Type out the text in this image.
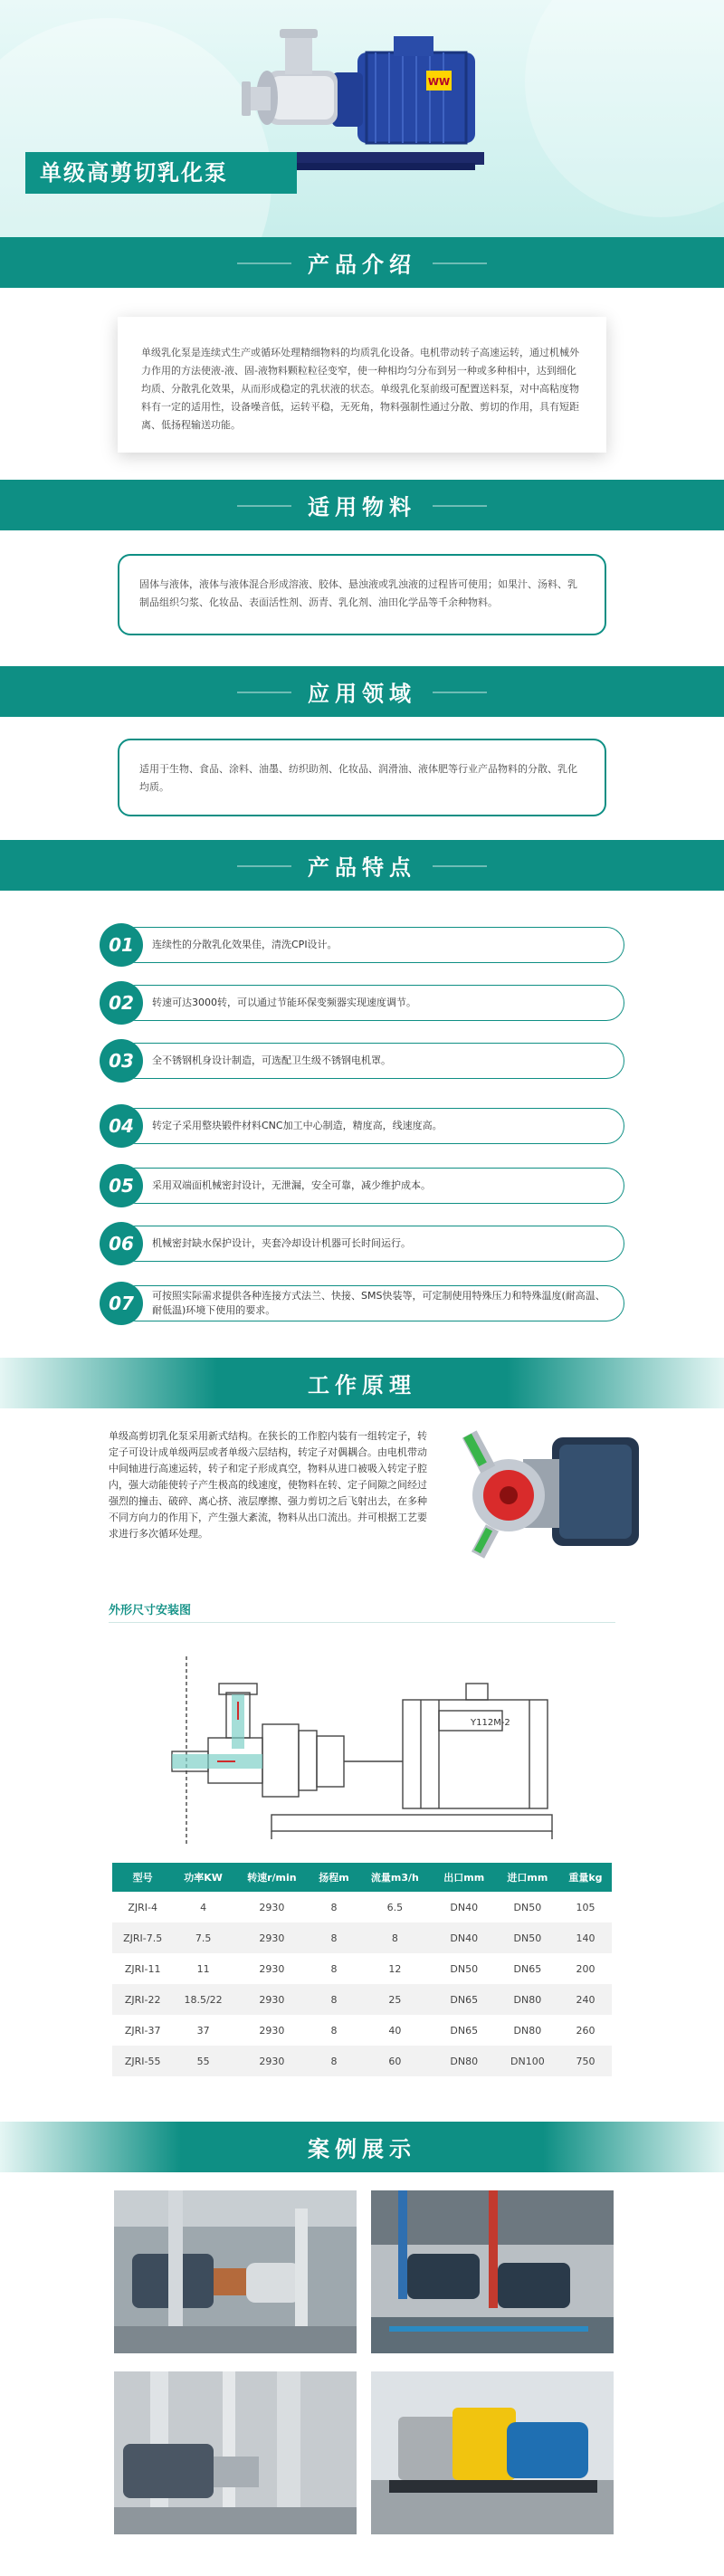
WW
单级高剪切乳化泵
产品介绍

单级乳化泵是连续式生产或循环处理精细物料的均质乳化设备。电机带动转子高速运转，通过机械外力作用的方法使液-液、固-液物料颗粒粒径变窄，使一种相均匀分布到另一种或多种相中，达到细化均质、分散乳化效果，从而形成稳定的乳状液的状态。单级乳化泵前级可配置送料泵，对中高粘度物料有一定的适用性，设备噪音低，运转平稳，无死角，物料强制性通过分散、剪切的作用，具有短距离、低扬程输送功能。

适用物料

固体与液体，液体与液体混合形成溶液、胶体、悬浊液或乳浊液的过程皆可使用；如果汁、汤料、乳制品组织匀浆、化妆品、表面活性剂、沥青、乳化剂、油田化学品等千余种物料。

应用领域

适用于生物、食品、涂料、油墨、纺织助剂、化妆品、润滑油、液体肥等行业产品物料的分散、乳化均质。

产品特点
连续性的分散乳化效果佳，清洗CPI设计。
01
转速可达3000转，可以通过节能环保变频器实现速度调节。
02
全不锈钢机身设计制造，可选配卫生级不锈钢电机罩。
03
转定子采用整块锻件材料CNC加工中心制造，精度高，线速度高。
04
采用双端面机械密封设计，无泄漏，安全可靠，减少维护成本。
05
机械密封缺水保护设计，夹套冷却设计机器可长时间运行。
06
可按照实际需求提供各种连接方式法兰、快接、SMS快装等，可定制使用特殊压力和特殊温度(耐高温、耐低温)环境下使用的要求。
07
工作原理

单级高剪切乳化泵采用新式结构。在狭长的工作腔内装有一组转定子，转定子可设计成单级两层或者单级六层结构，转定子对偶耦合。由电机带动中间轴进行高速运转，转子和定子形成真空，物料从进口被吸入转定子腔内，强大动能使转子产生极高的线速度，使物料在转、定子间隙之间经过强烈的撞击、破碎、离心挤、液层摩擦、强力剪切之后飞射出去，在多种不同方向力的作用下，产生强大紊流，物料从出口流出。并可根据工艺要求进行多次循环处理。

外形尺寸安装图
Y112M-2
型号	功率KW	转速r/min	扬程m	流量m3/h	出口mm	进口mm	重量kg
ZJRI-4	4	2930	8	6.5	DN40	DN50	105
ZJRI-7.5	7.5	2930	8	8	DN40	DN50	140
ZJRI-11	11	2930	8	12	DN50	DN65	200
ZJRI-22	18.5/22	2930	8	25	DN65	DN80	240
ZJRI-37	37	2930	8	40	DN65	DN80	260
ZJRI-55	55	2930	8	60	DN80	DN100	750
案例展示
